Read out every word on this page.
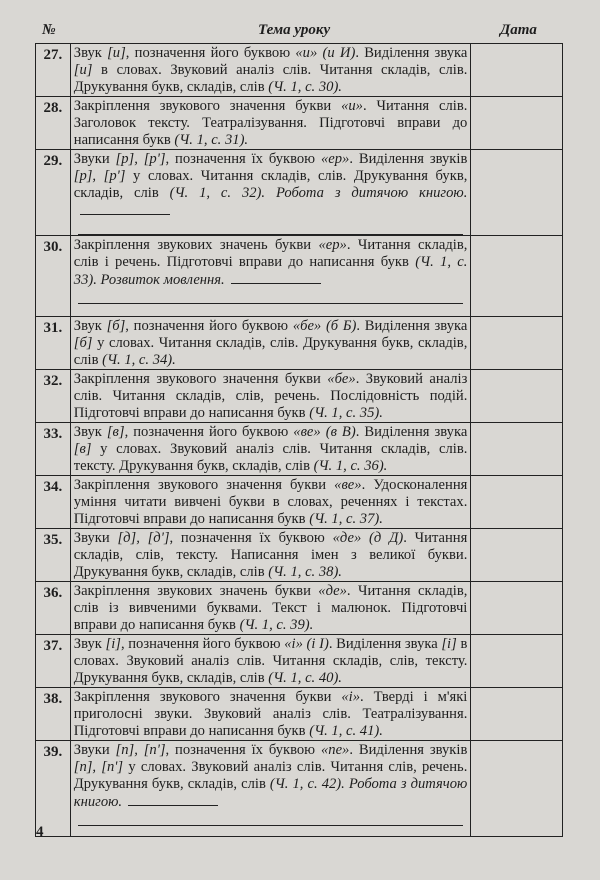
№	Тема уроку	Дата
27.	Звук [и], позначення його буквою «и» (и И). Виділення звука [и] в словах. Звуковий аналіз слів. Читання складів, слів. Друкування букв, складів, слів (Ч. 1, с. 30).	
28.	Закріплення звукового значення букви «и». Читання слів. Заголовок тексту. Театралізування. Підготовчі вправи до написання букв (Ч. 1, с. 31).	
29.	Звуки [р], [р'], позначення їх буквою «ер». Виділення звуків [р], [р'] у словах. Читання складів, слів. Друкування букв, складів, слів (Ч. 1, с. 32). Робота з дитячою книгою.

30.	Закріплення звукових значень букви «ер». Читання складів, слів і речень. Підготовчі вправи до написання букв (Ч. 1, с. 33). Розвиток мовлення.

31.	Звук [б], позначення його буквою «бе» (б Б). Виділення звука [б] у словах. Читання складів, слів. Друкування букв, складів, слів (Ч. 1, с. 34).	
32.	Закріплення звукового значення букви «бе». Звуковий аналіз слів. Читання складів, слів, речень. Послідовність подій. Підготовчі вправи до написання букв (Ч. 1, с. 35).	
33.	Звук [в], позначення його буквою «ве» (в В). Виділення звука [в] у словах. Звуковий аналіз слів. Читання складів, слів. тексту. Друкування букв, складів, слів (Ч. 1, с. 36).	
34.	Закріплення звукового значення букви «ве». Удосконалення уміння читати вивчені букви в словах, реченнях і текстах. Підготовчі вправи до написання букв (Ч. 1, с. 37).	
35.	Звуки [д], [д'], позначення їх буквою «де» (д Д). Читання складів, слів, тексту. Написання імен з великої букви. Друкування букв, складів, слів (Ч. 1, с. 38).	
36.	Закріплення звукових значень букви «де». Читання складів, слів із вивченими буквами. Текст і малюнок. Підготовчі вправи до написання букв (Ч. 1, с. 39).	
37.	Звук [і], позначення його буквою «і» (і І). Виділення звука [і] в словах. Звуковий аналіз слів. Читання складів, слів, тексту. Друкування букв, складів, слів (Ч. 1, с. 40).	
38.	Закріплення звукового значення букви «і». Тверді і м'які приголосні звуки. Звуковий аналіз слів. Театралізування. Підготовчі вправи до написання букв (Ч. 1, с. 41).	
39.	Звуки [п], [п'], позначення їх буквою «пе». Виділення звуків [п], [п'] у словах. Звуковий аналіз слів. Читання слів, речень. Друкування букв, складів, слів (Ч. 1, с. 42). Робота з дитячою книгою.

4
